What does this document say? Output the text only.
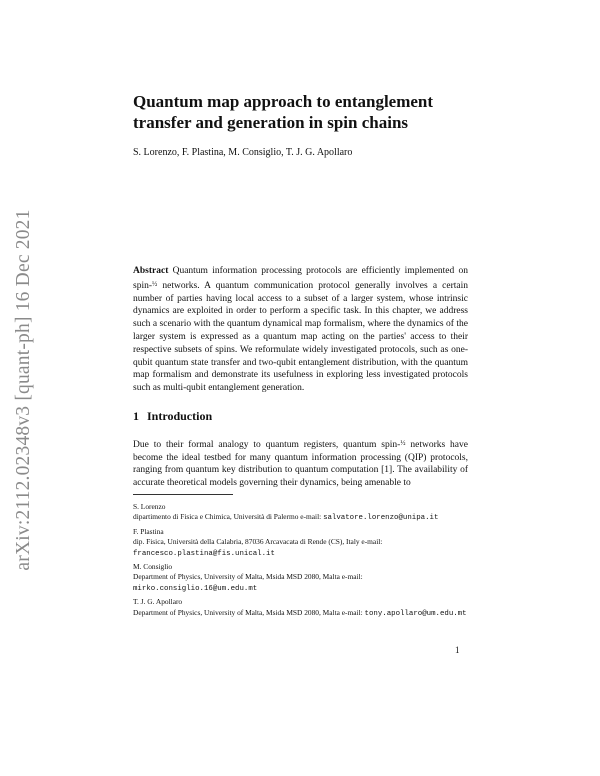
arXiv:2112.02348v3 [quant-ph] 16 Dec 2021
Quantum map approach to entanglement transfer and generation in spin chains

S. Lorenzo, F. Plastina, M. Consiglio, T. J. G. Apollaro

Abstract Quantum information processing protocols are efficiently implemented on spin-$^{\frac{1}{2}}$ networks. A quantum communication protocol generally involves a certain number of parties having local access to a subset of a larger system, whose intrinsic dynamics are exploited in order to perform a specific task. In this chapter, we address such a scenario with the quantum dynamical map formalism, where the dynamics of the larger system is expressed as a quantum map acting on the parties' access to their respective subsets of spins. We reformulate widely investigated protocols, such as one-qubit quantum state transfer and two-qubit entanglement distribution, with the quantum map formalism and demonstrate its usefulness in exploring less investigated protocols such as multi-qubit entanglement generation.

1 Introduction

Due to their formal analogy to quantum registers, quantum spin-$^{\frac{1}{2}}$ networks have become the ideal testbed for many quantum information processing (QIP) protocols, ranging from quantum key distribution to quantum computation [1]. The availability of accurate theoretical models governing their dynamics, being amenable to

S. Lorenzo
dipartimento di Fisica e Chimica, Università di Palermo e-mail: salvatore.lorenzo@unipa.it
F. Plastina
dip. Fisica, Università della Calabria, 87036 Arcavacata di Rende (CS), Italy e-mail: francesco.plastina@fis.unical.it
M. Consiglio
Department of Physics, University of Malta, Msida MSD 2080, Malta e-mail: mirko.consiglio.16@um.edu.mt
T. J. G. Apollaro
Department of Physics, University of Malta, Msida MSD 2080, Malta e-mail: tony.apollaro@um.edu.mt

1
